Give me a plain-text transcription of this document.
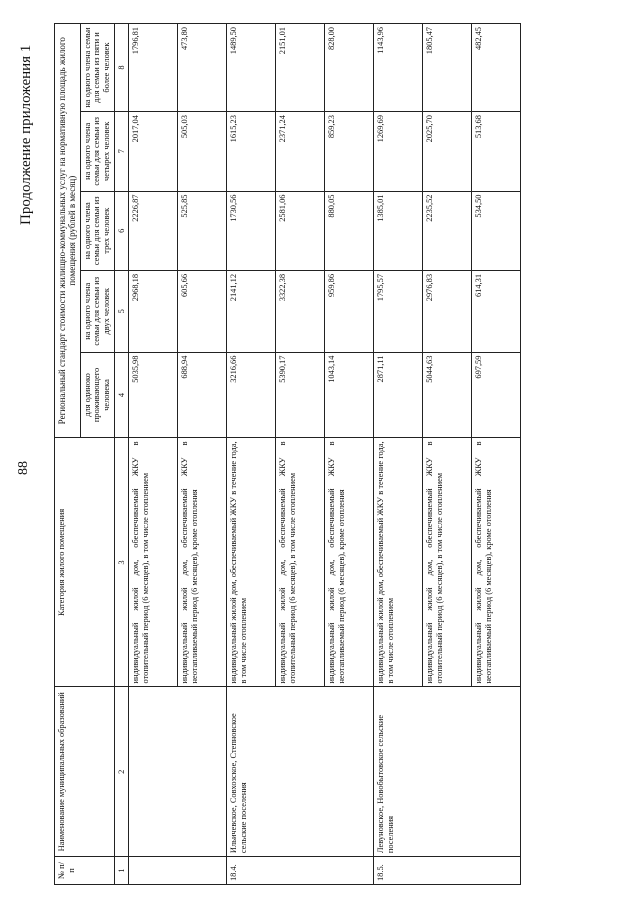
88
Продолжение приложения 1
№ п/п	Наименование муниципальных образований	Категория жилого помещения	Региональный стандарт стоимости жилищно-коммунальных услуг на нормативную площадь жилого помещения (рублей в месяц)				
			для одиноко проживающего человека	на одного члена семьи для семьи из двух человек	на одного члена семьи для семьи из трех человек	на одного члена семьи для семьи из четырех человек	на одного члена семьи для семьи из пяти и более человек
1	2	3	4	5	6	7	8
		индивидуальный жилой дом, обеспечиваемый ЖКУ в отопительный период (6 месяцев), в том числе отоплением	5035,98	2968,18	2226,87	2017,04	1796,81
		индивидуальный жилой дом, обеспечиваемый ЖКУ в неотапливаемый период (6 месяцев), кроме отопления	688,94	605,66	525,85	505,03	473,80
18.4.	Ильичевское, Совхозское, Степновское сельские поселения	индивидуальный жилой дом, обеспечиваемый ЖКУ в течение года, в том числе отоплением	3216,66	2141,12	1730,56	1615,23	1489,50
		индивидуальный жилой дом, обеспечиваемый ЖКУ в отопительный период (6 месяцев), в том числе отоплением	5390,17	3322,38	2581,06	2371,24	2151,01
		индивидуальный жилой дом, обеспечиваемый ЖКУ в неотапливаемый период (6 месяцев), кроме отопления	1043,14	959,86	880,05	859,23	828,00
18.5.	Левуновское, Новобытовское сельские поселения	индивидуальный жилой дом, обеспечиваемый ЖКУ в течение года, в том числе отоплением	2871,11	1795,57	1385,01	1269,69	1143,96
		индивидуальный жилой дом, обеспечиваемый ЖКУ в отопительный период (6 месяцев), в том числе отоплением	5044,63	2976,83	2235,52	2025,70	1805,47
		индивидуальный жилой дом, обеспечиваемый ЖКУ в неотапливаемый период (6 месяцев), кроме отопления	697,59	614,31	534,50	513,68	482,45
